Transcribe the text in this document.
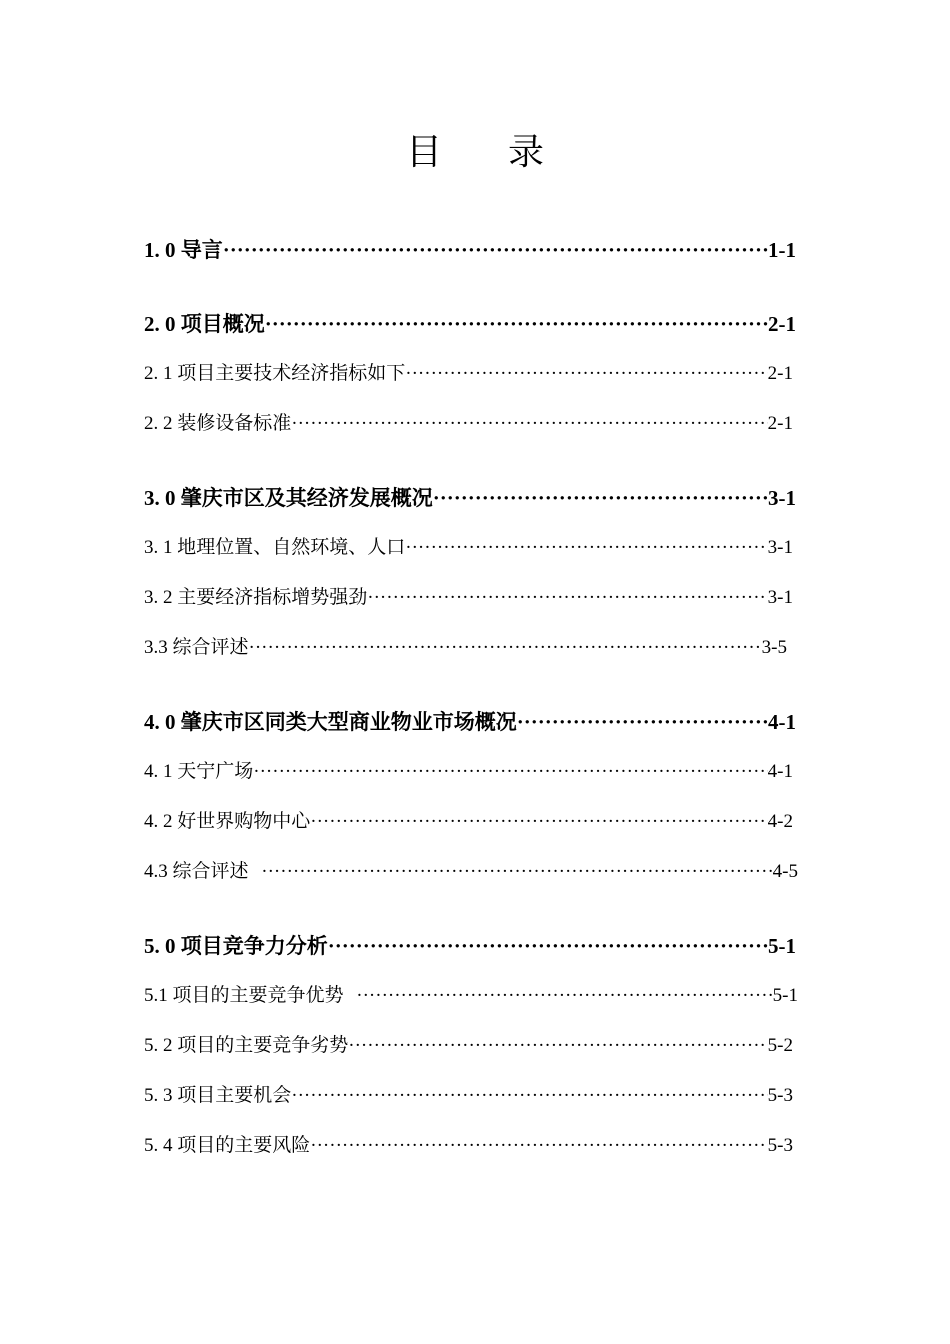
目 录
1. 0 导言 ·····	1-1
2. 0 项目概况 ·····	2-1
2. 1 项目主要技术经济指标如下 ·····	2-1
2. 2 装修设备标准 ·····	2-1
3. 0 肇庆市区及其经济发展概况 ·····	3-1
3. 1 地理位置、自然环境、人口 ·····	3-1
3. 2 主要经济指标增势强劲 ·····	3-1
3.3 综合评述 ·····	3-5
4. 0 肇庆市区同类大型商业物业市场概况 ·····	4-1
4. 1 天宁广场 ·····	4-1
4. 2 好世界购物中心 ·····	4-2
4.3 综合评述 ·····	4-5
5. 0 项目竞争力分析 ·····	5-1
5.1 项目的主要竞争优势 ·····	5-1
5. 2 项目的主要竞争劣势 ·····	5-2
5. 3 项目主要机会 ·····	5-3
5. 4 项目的主要风险 ·····	5-3
